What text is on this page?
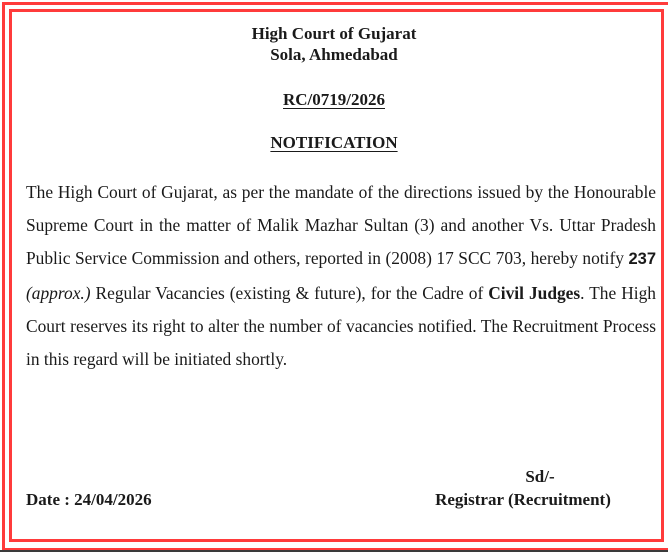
High Court of Gujarat
Sola, Ahmedabad
RC/0719/2026
NOTIFICATION
The High Court of Gujarat, as per the mandate of the directions issued by the Honourable Supreme Court in the matter of Malik Mazhar Sultan (3) and another Vs. Uttar Pradesh Public Service Commission and others, reported in (2008) 17 SCC 703, hereby notify 237 (approx.) Regular Vacancies (existing & future), for the Cadre of Civil Judges. The High Court reserves its right to alter the number of vacancies notified. The Recruitment Process in this regard will be initiated shortly.
Date : 24/04/2026
Sd/-
Registrar (Recruitment)
